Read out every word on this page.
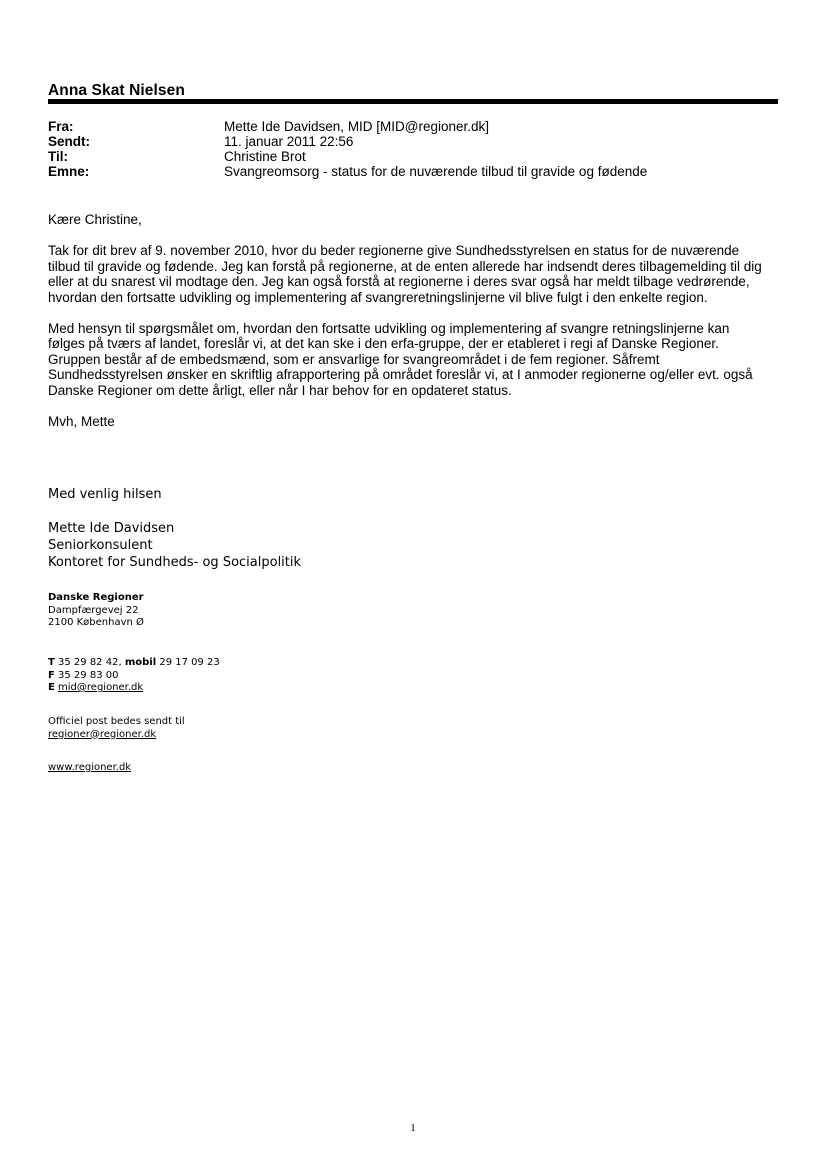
Anna Skat Nielsen
Fra:	Mette Ide Davidsen, MID [MID@regioner.dk]
Sendt:	11. januar 2011 22:56
Til:	Christine Brot
Emne:	Svangreomsorg - status for de nuværende tilbud til gravide og fødende

Kære Christine,

Tak for dit brev af 9. november 2010, hvor du beder regionerne give Sundhedsstyrelsen en status for de nuværende tilbud til gravide og fødende. Jeg kan forstå på regionerne, at de enten allerede har indsendt deres tilbagemelding til dig eller at du snarest vil modtage den. Jeg kan også forstå at regionerne i deres svar også har meldt tilbage vedrørende, hvordan den fortsatte udvikling og implementering af svangreretningslinjerne vil blive fulgt i den enkelte region.

Med hensyn til spørgsmålet om, hvordan den fortsatte udvikling og implementering af svangre retningslinjerne kan følges på tværs af landet, foreslår vi, at det kan ske i den erfa-gruppe, der er etableret i regi af Danske Regioner. Gruppen består af de embedsmænd, som er ansvarlige for svangreområdet i de fem regioner. Såfremt Sundhedsstyrelsen ønsker en skriftlig afrapportering på området foreslår vi, at I anmoder regionerne og/eller evt. også Danske Regioner om dette årligt, eller når I har behov for en opdateret status.

Mvh, Mette

Med venlig hilsen
Mette Ide Davidsen
Seniorkonsulent
Kontoret for Sundheds- og Socialpolitik
Danske Regioner
Dampfærgevej 22
2100 København Ø
T 35 29 82 42, mobil 29 17 09 23
F 35 29 83 00
E mid@regioner.dk
Officiel post bedes sendt til
regioner@regioner.dk
www.regioner.dk
1
